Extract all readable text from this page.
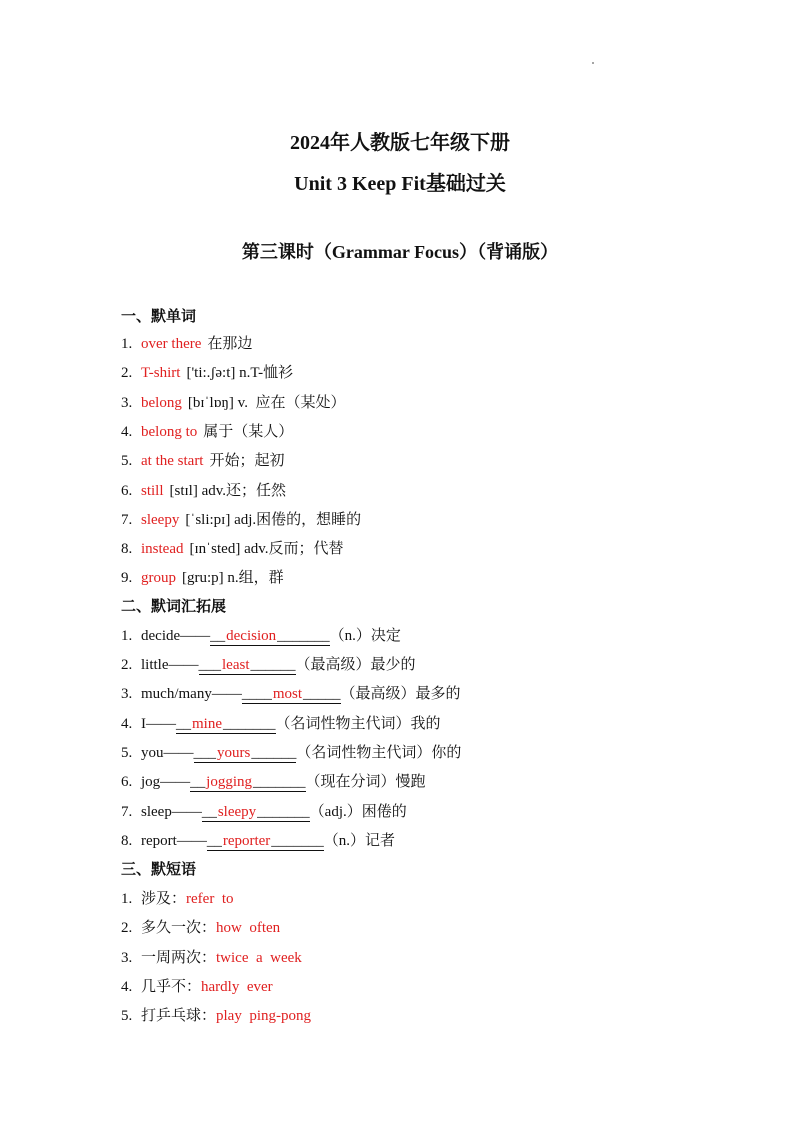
2024年人教版七年级下册
Unit 3 Keep Fit基础过关
第三课时（Grammar Focus）（背诵版）
一、默单词
1. over there 在那边
2. T-shirt ['ti:.ʃə:t] n.T-恤衫
3. belong [bɪˈlɒŋ] v.  应在（某处）
4. belong to 属于（某人）
5. at the start 开始；起初
6. still [stɪl] adv.还；任然
7. sleepy [ˈsli:pɪ] adj.困倦的，想睡的
8. instead [ɪnˈsted] adv.反而；代替
9. group [gru:p] n.组，群
二、默词汇拓展
1. decide——__decision_______（n.）决定
2. little——___least______（最高级）最少的
3. much/many——____most_____（最高级）最多的
4. I——__mine_______（名词性物主代词）我的
5. you——___yours______（名词性物主代词）你的
6. jog——__jogging_______（现在分词）慢跑
7. sleep——__sleepy_______（adj.）困倦的
8. report——__reporter_______（n.）记者
三、默短语
1. 涉及：refer  to
2. 多久一次：how  often
3. 一周两次：twice  a  week
4. 几乎不：hardly  ever
5. 打乒乓球：play  ping-pong
